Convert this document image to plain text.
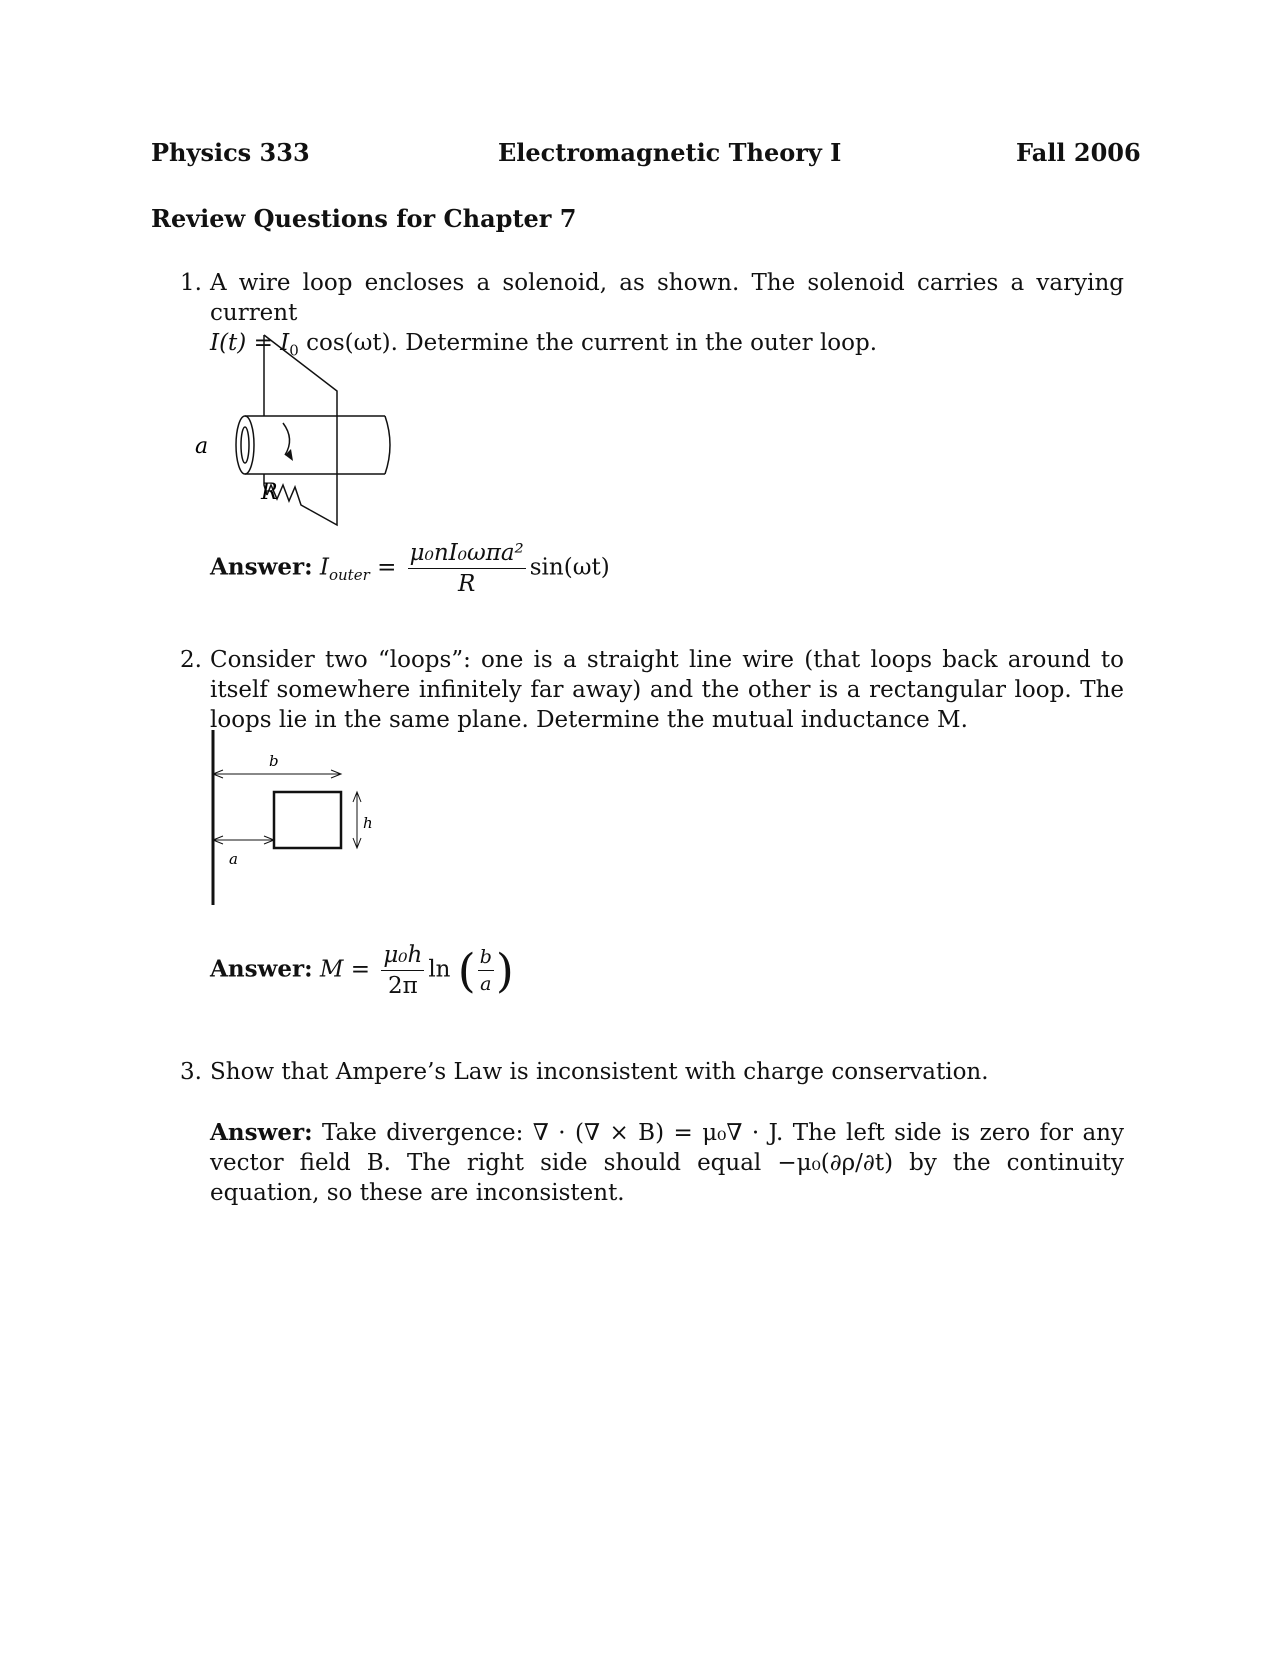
Physics 333	Electromagnetic Theory I	Fall 2006
Review Questions for Chapter 7
1. A wire loop encloses a solenoid, as shown. The solenoid carries a varying current
$I(t) = I_0$ cos(ωt). Determine the current in the outer loop.
a
R
Answer: $I_{outer} = \frac{\text{μ₀nI₀ωπa²}}{R} \sin(\omega t)$
2. Consider two “loops”: one is a straight line wire (that loops back around to itself somewhere infinitely far away) and the other is a rectangular loop. The loops lie in the same plane. Determine the mutual inductance M.
b
h
a
Answer: $M = \frac{\text{μ₀h}}{2\pi}$ ln ( $\frac{b}{a}$ )
3. Show that Ampere’s Law is inconsistent with charge conservation.
Answer: Take divergence: ∇ · (∇ × B) = μ₀∇ · J. The left side is zero for any vector field B. The right side should equal −μ₀(∂ρ/∂t) by the continuity equation, so these are inconsistent.
